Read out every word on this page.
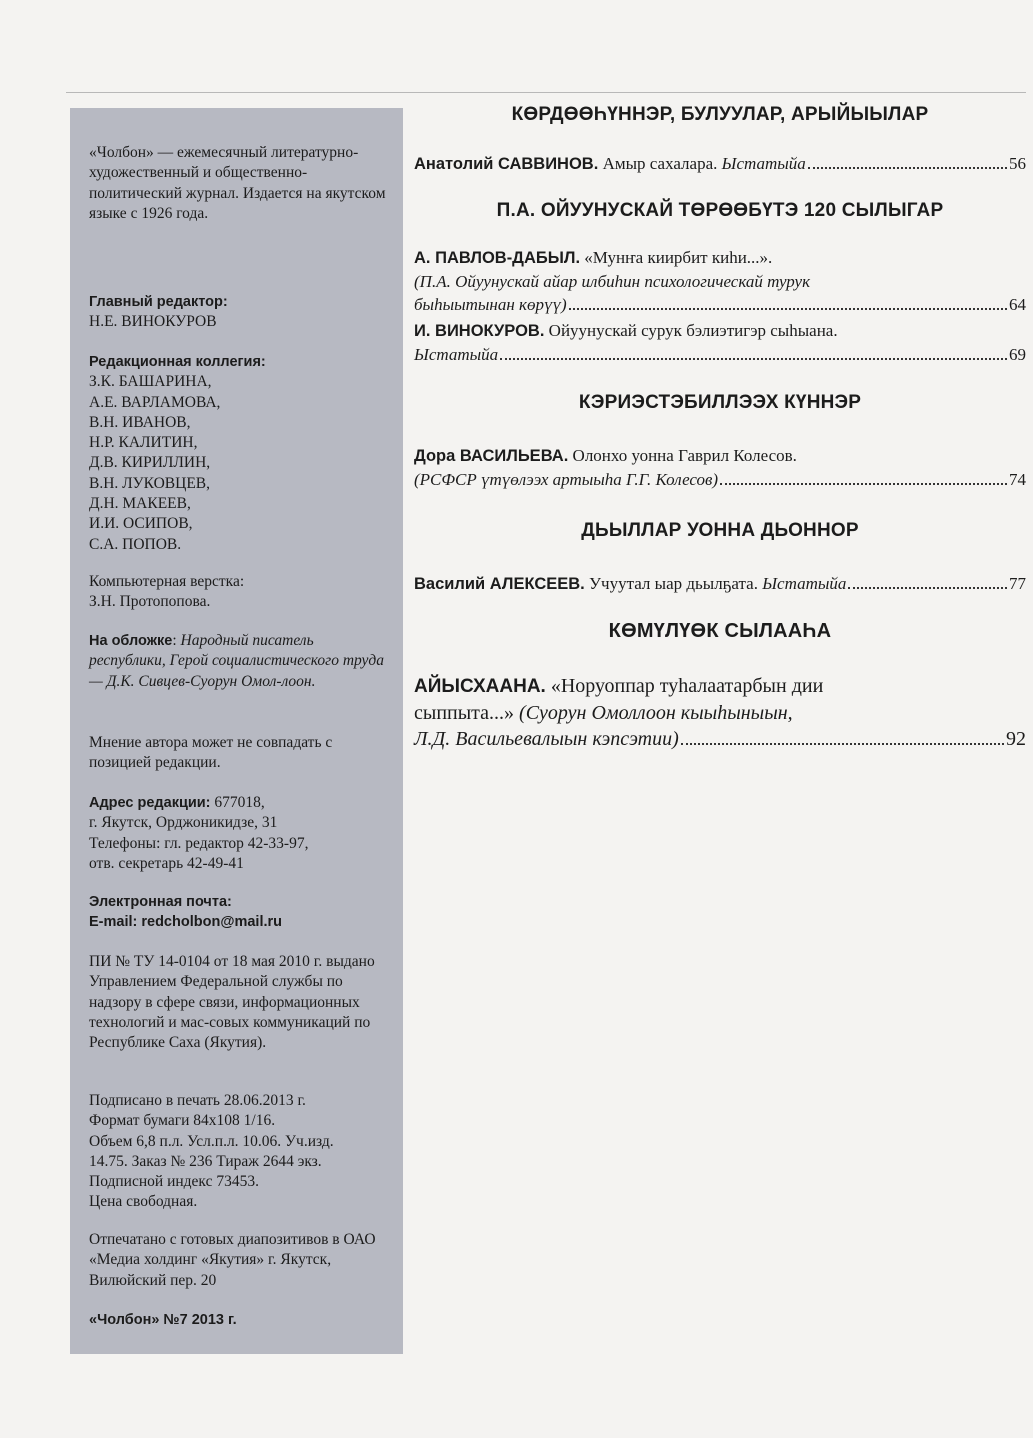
«Чолбон» — ежемесячный литературно-художественный и общественно-политический журнал. Издается на якутском языке с 1926 года.

Главный редактор:

Н.Е. ВИНОКУРОВ

Редакционная коллегия:

З.К. БАШАРИНА,

А.Е. ВАРЛАМОВА,

В.Н. ИВАНОВ,

Н.Р. КАЛИТИН,

Д.В. КИРИЛЛИН,

В.Н. ЛУКОВЦЕВ,

Д.Н. МАКЕЕВ,

И.И. ОСИПОВ,

С.А. ПОПОВ.

Компьютерная верстка:

З.Н. Протопопова.

На обложке: Народный писатель республики, Герой социалистического труда — Д.К. Сивцев-Суорун Омол-лоон.

Мнение автора может не совпадать с позицией редакции.

Адрес редакции: 677018,

г. Якутск, Орджоникидзе, 31

Телефоны: гл. редактор 42-33-97,

отв. секретарь 42-49-41

Электронная почта:

E-mail: redcholbon@mail.ru

ПИ № ТУ 14-0104 от 18 мая 2010 г. выдано Управлением Федеральной службы по надзору в сфере связи, информационных технологий и мас-совых коммуникаций по Республике Саха (Якутия).

Подписано в печать 28.06.2013 г.

Формат бумаги 84x108 1/16.

Объем 6,8 п.л. Усл.п.л. 10.06. Уч.изд.

14.75. Заказ № 236 Тираж 2644 экз.

Подписной индекс 73453.

Цена свободная.

Отпечатано с готовых диапозитивов в ОАО «Медиа холдинг «Якутия» г. Якутск, Вилюйский пер. 20

«Чолбон» №7 2013 г.

КӨРДӨӨҺҮННЭР, БУЛУУЛАР, АРЫЙЫЫЛАР
Анатолий САВВИНОВ. Амыр сахалара. Ыстатыйа	56
П.А. ОЙУУНУСКАЙ ТӨРӨӨБҮТЭ 120 СЫЛЫГАР
А. ПАВЛОВ-ДАБЫЛ. «Мунҥа киирбит киһи...».
(П.А. Ойуунускай айар илбиһин психологическай турук
быһыытынан көрүү)	64
И. ВИНОКУРОВ. Ойуунускай сурук бэлиэтигэр сыһыана.
Ыстатыйа	69
КЭРИЭСТЭБИЛЛЭЭХ КҮННЭР
Дора ВАСИЛЬЕВА. Олонхо уонна Гаврил Колесов.
(РСФСР үтүөлээх артыыһа Г.Г. Колесов)	74
ДЬЫЛЛАР УОННА ДЬОННОР
Василий АЛЕКСЕЕВ. Учуутал ыар дьылҕата. Ыстатыйа	77
КӨМҮЛҮӨК СЫЛААҺА
АЙЫСХААНА. «Норуоппар туһалаатарбын дии
сыппыта...» (Суорун Омоллоон кыыһыныын,
Л.Д. Васильевалыын кэпсэтии)	92
